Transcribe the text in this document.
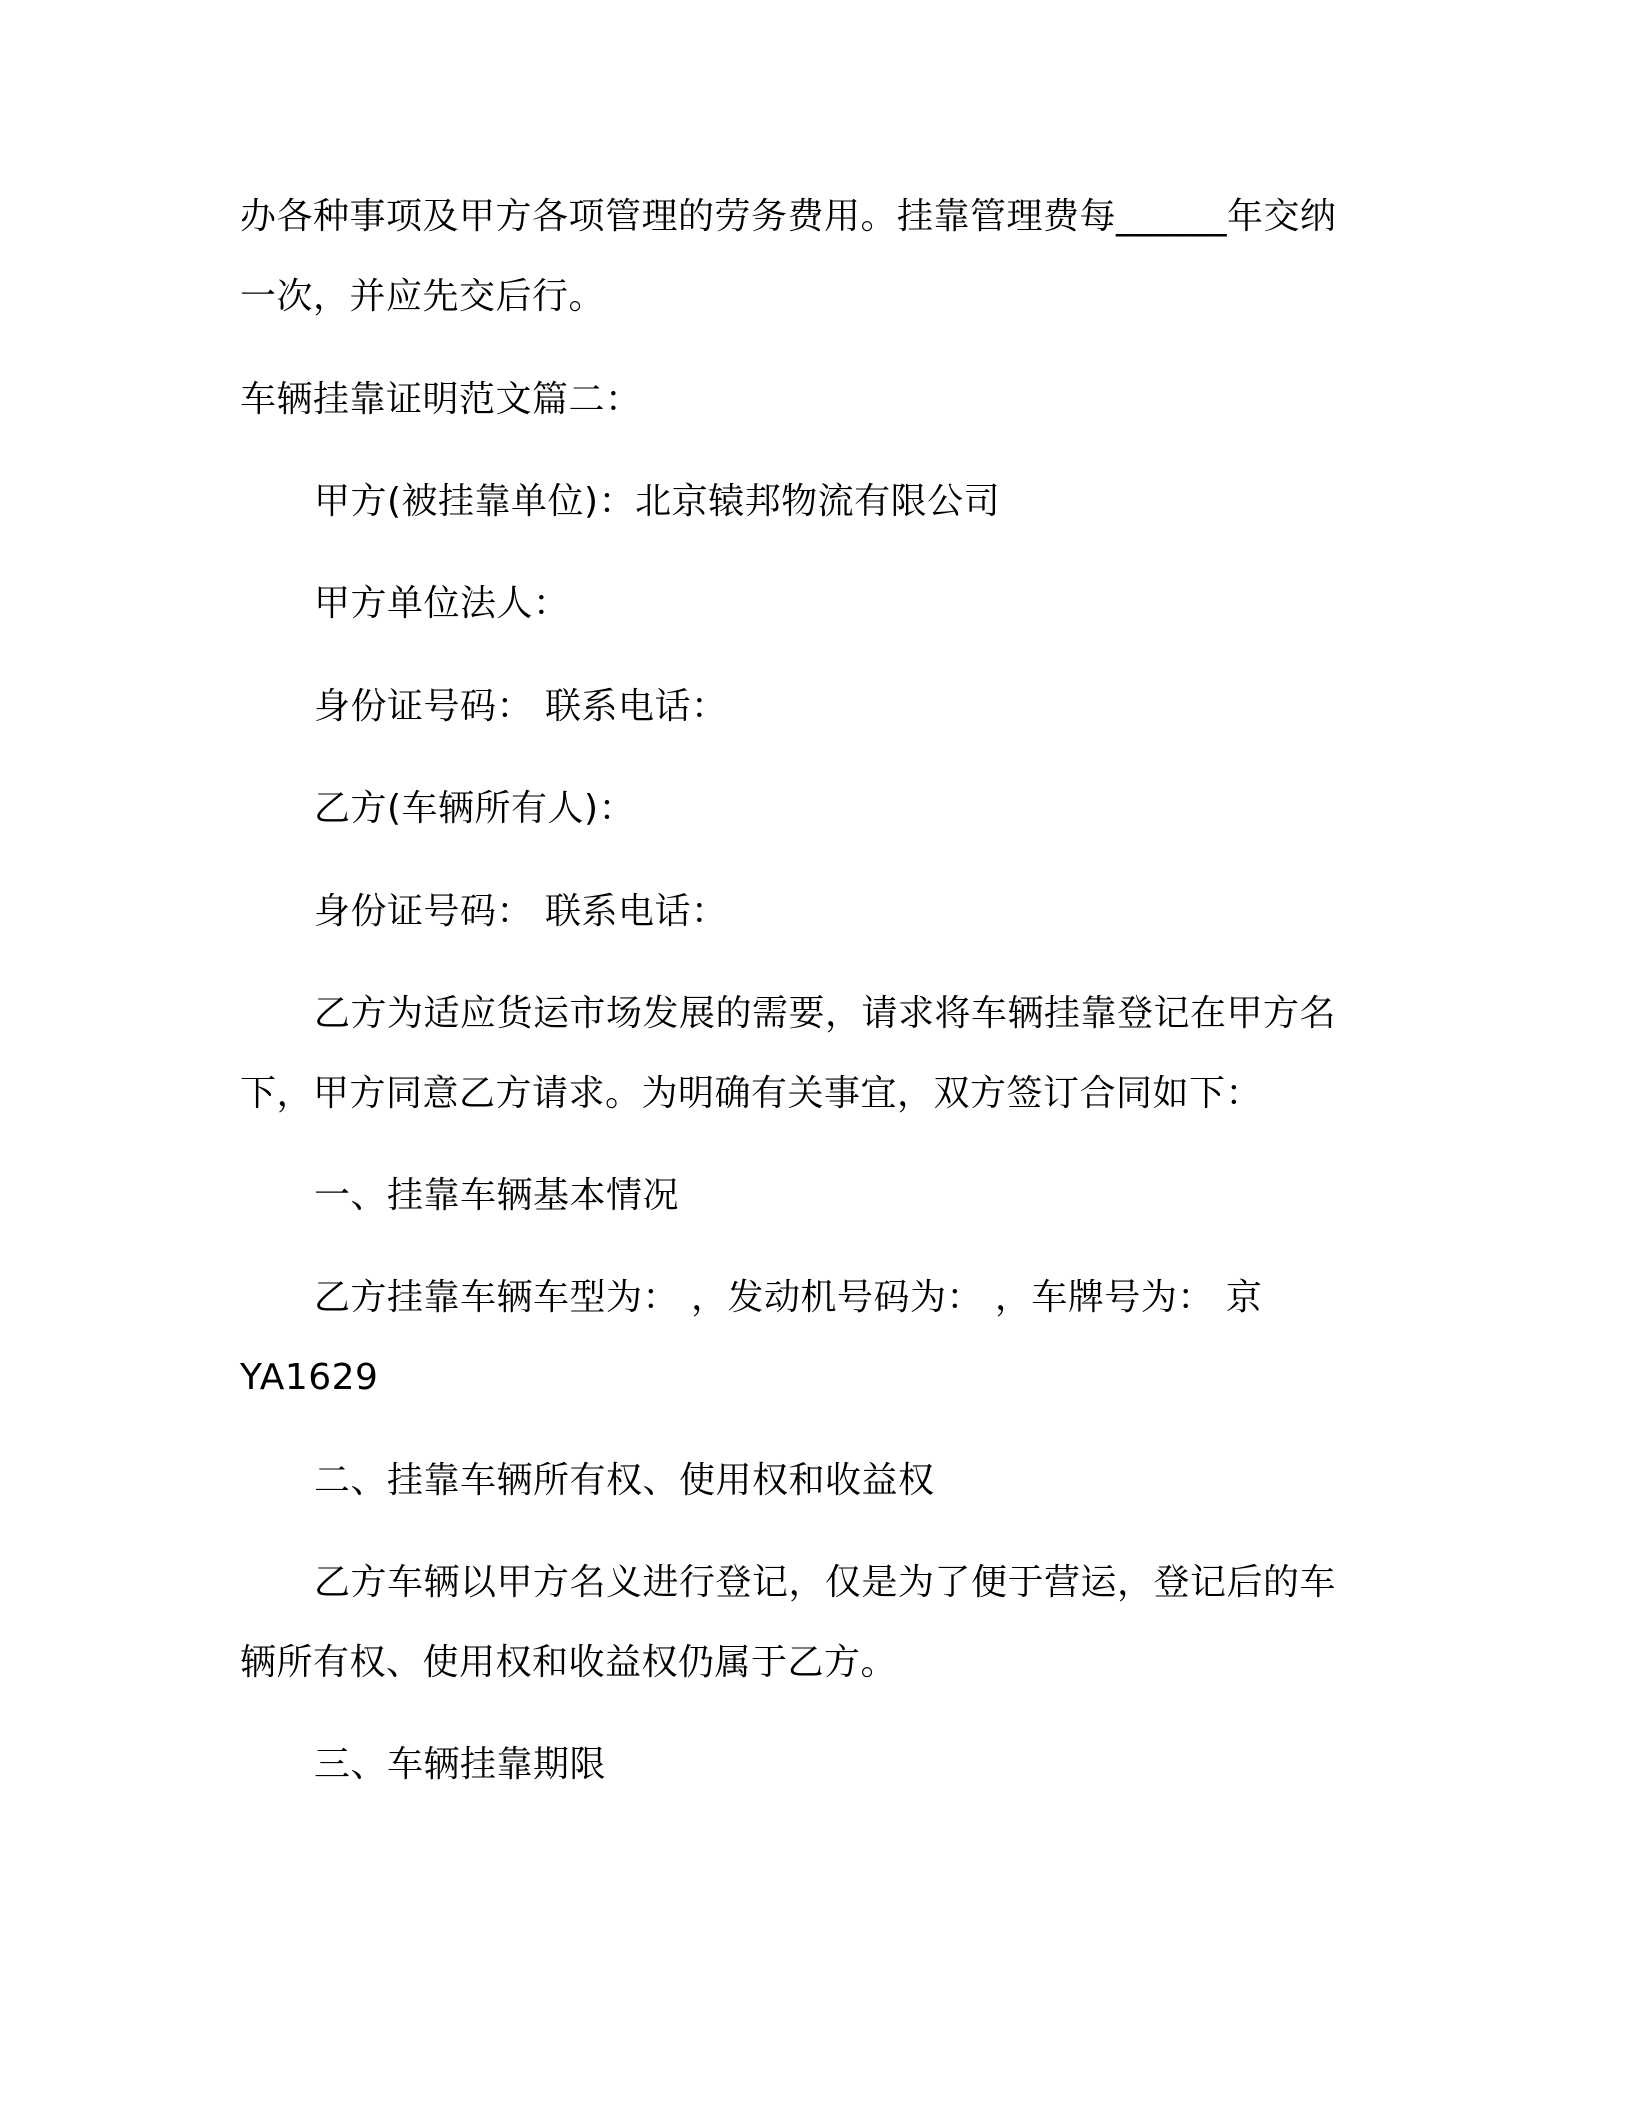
办各种事项及甲方各项管理的劳务费用。挂靠管理费每______年交纳
一次，并应先交后行。
车辆挂靠证明范文篇二：
甲方(被挂靠单位)：北京辕邦物流有限公司
甲方单位法人：
身份证号码： 联系电话：
乙方(车辆所有人)：
身份证号码： 联系电话：
乙方为适应货运市场发展的需要，请求将车辆挂靠登记在甲方名
下，甲方同意乙方请求。为明确有关事宜，双方签订合同如下：
一、挂靠车辆基本情况
乙方挂靠车辆车型为： ，发动机号码为： ，车牌号为： 京
YA1629
二、挂靠车辆所有权、使用权和收益权
乙方车辆以甲方名义进行登记，仅是为了便于营运，登记后的车
辆所有权、使用权和收益权仍属于乙方。
三、车辆挂靠期限
